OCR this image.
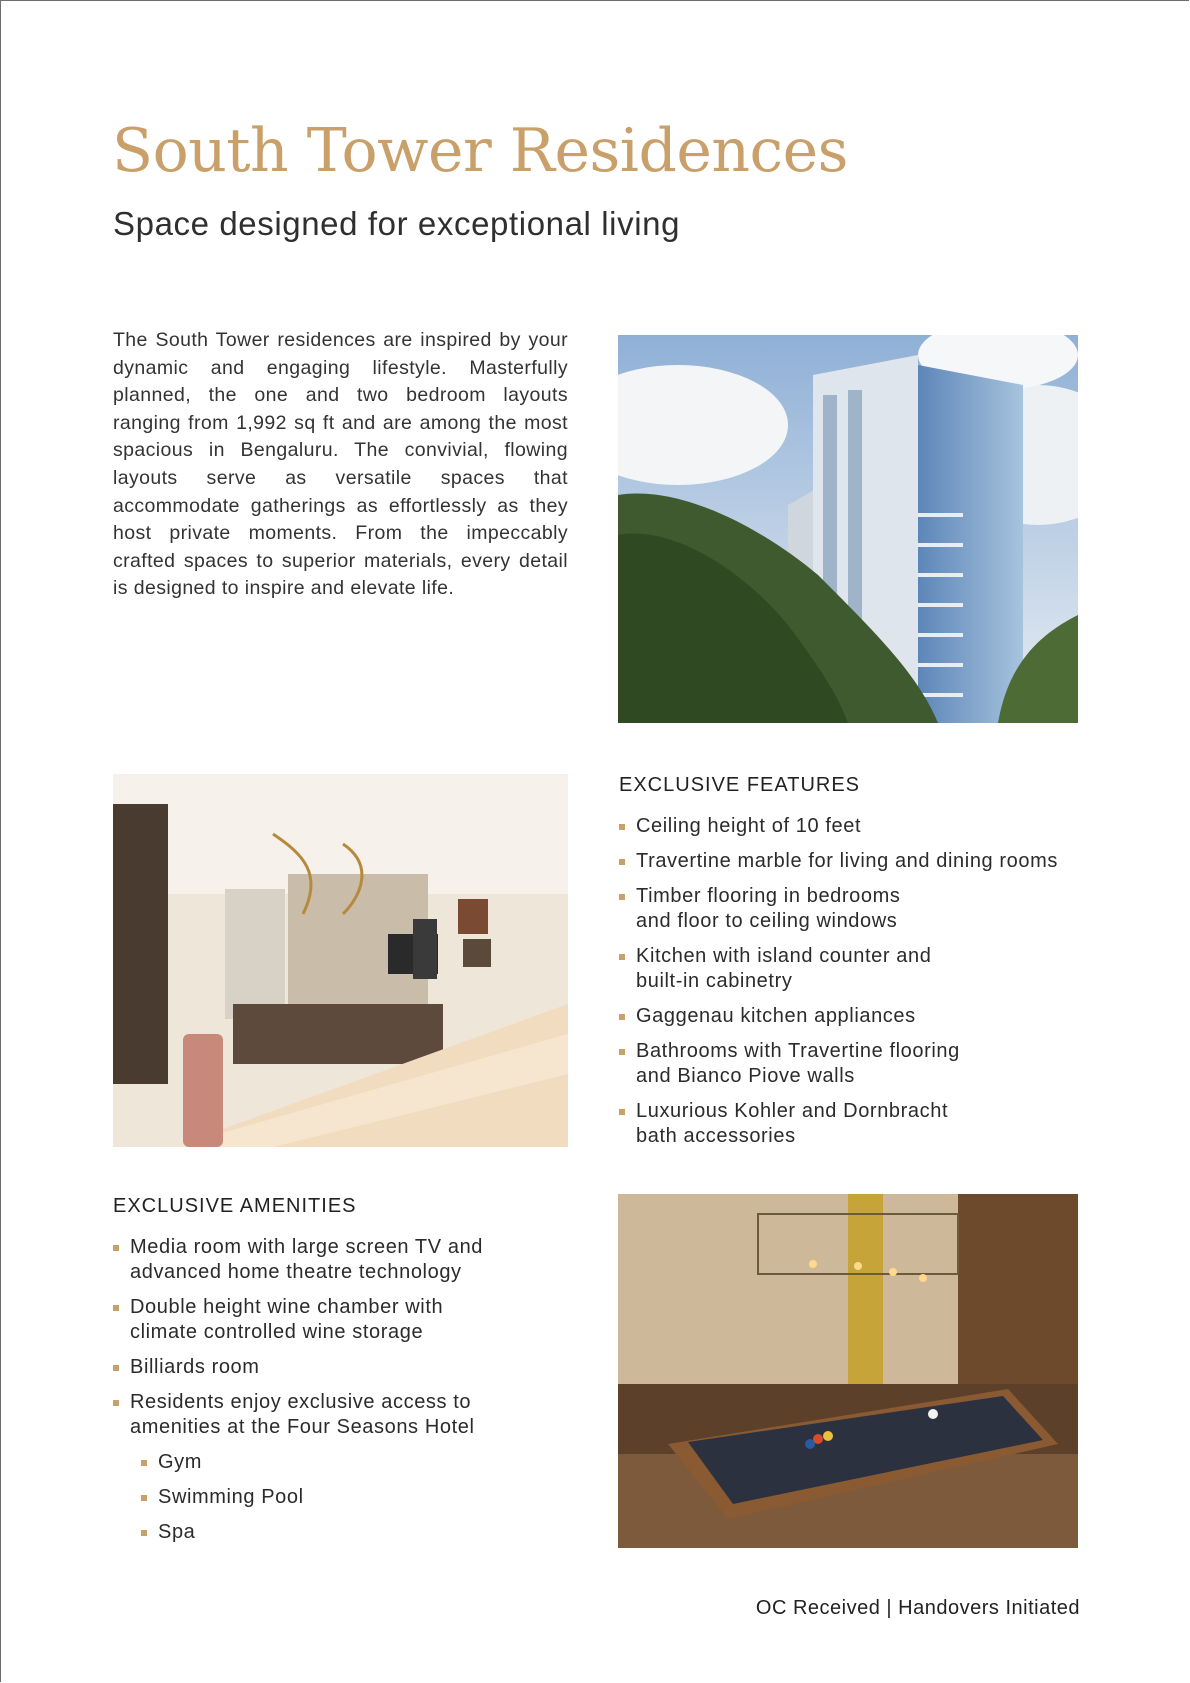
South Tower Residences
Space designed for exceptional living

The South Tower residences are inspired by your dynamic and engaging lifestyle. Masterfully planned, the one and two bedroom layouts ranging from 1,992 sq ft and are among the most spacious in Bengaluru. The convivial, flowing layouts serve as versatile spaces that accommodate gatherings as effortlessly as they host private moments. From the impeccably crafted spaces to superior materials, every detail is designed to inspire and elevate life.

EXCLUSIVE FEATURES
Ceiling height of 10 feet
Travertine marble for living and dining rooms
Timber flooring in bedrooms and floor to ceiling windows
Kitchen with island counter and built-in cabinetry
Gaggenau kitchen appliances
Bathrooms with Travertine flooring and Bianco Piove walls
Luxurious Kohler and Dornbracht bath accessories
EXCLUSIVE AMENITIES
Media room with large screen TV and advanced home theatre technology
Double height wine chamber with climate controlled wine storage
Billiards room
Residents enjoy exclusive access to amenities at the Four Seasons Hotel
Gym
Swimming Pool
Spa

OC Received | Handovers Initiated
